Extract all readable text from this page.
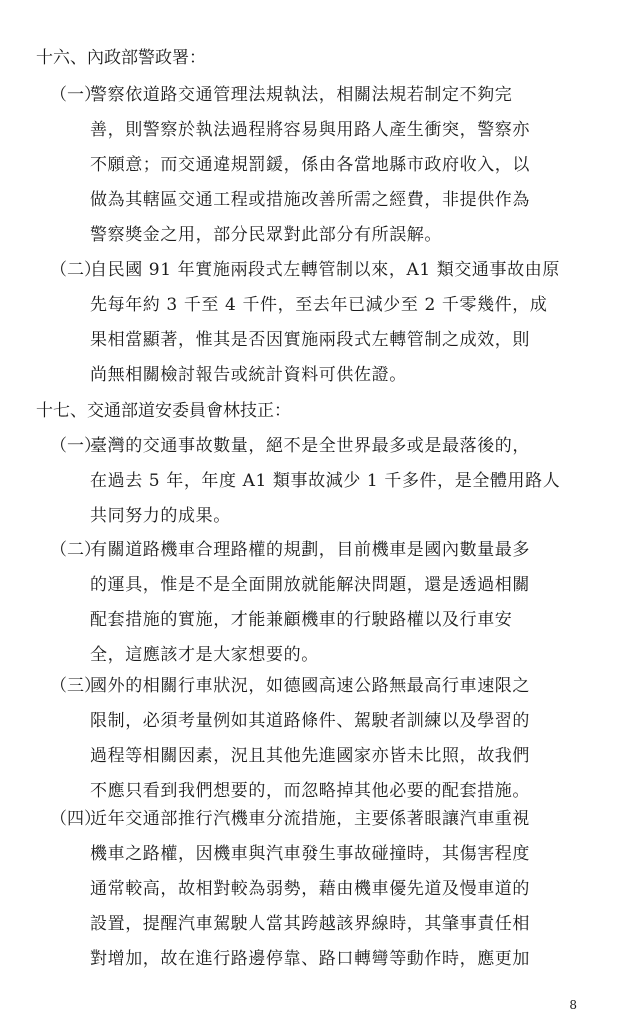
十六、內政部警政署：
（一）
警察依道路交通管理法規執法，相關法規若制定不夠完
善，則警察於執法過程將容易與用路人產生衝突，警察亦
不願意；而交通違規罰鍰，係由各當地縣市政府收入，以
做為其轄區交通工程或措施改善所需之經費，非提供作為
警察獎金之用，部分民眾對此部分有所誤解。
（二）
自民國 91 年實施兩段式左轉管制以來，A1 類交通事故由原
先每年約 3 千至 4 千件，至去年已減少至 2 千零幾件，成
果相當顯著，惟其是否因實施兩段式左轉管制之成效，則
尚無相關檢討報告或統計資料可供佐證。
十七、交通部道安委員會林技正：
（一）
臺灣的交通事故數量，絕不是全世界最多或是最落後的，
在過去 5 年，年度 A1 類事故減少 1 千多件，是全體用路人
共同努力的成果。
（二）
有關道路機車合理路權的規劃，目前機車是國內數量最多
的運具，惟是不是全面開放就能解決問題，還是透過相關
配套措施的實施，才能兼顧機車的行駛路權以及行車安
全，這應該才是大家想要的。
（三）
國外的相關行車狀況，如德國高速公路無最高行車速限之
限制，必須考量例如其道路條件、駕駛者訓練以及學習的
過程等相關因素，況且其他先進國家亦皆未比照，故我們
不應只看到我們想要的，而忽略掉其他必要的配套措施。
（四）
近年交通部推行汽機車分流措施，主要係著眼讓汽車重視
機車之路權，因機車與汽車發生事故碰撞時，其傷害程度
通常較高，故相對較為弱勢，藉由機車優先道及慢車道的
設置，提醒汽車駕駛人當其跨越該界線時，其肇事責任相
對增加，故在進行路邊停靠、路口轉彎等動作時，應更加
8
